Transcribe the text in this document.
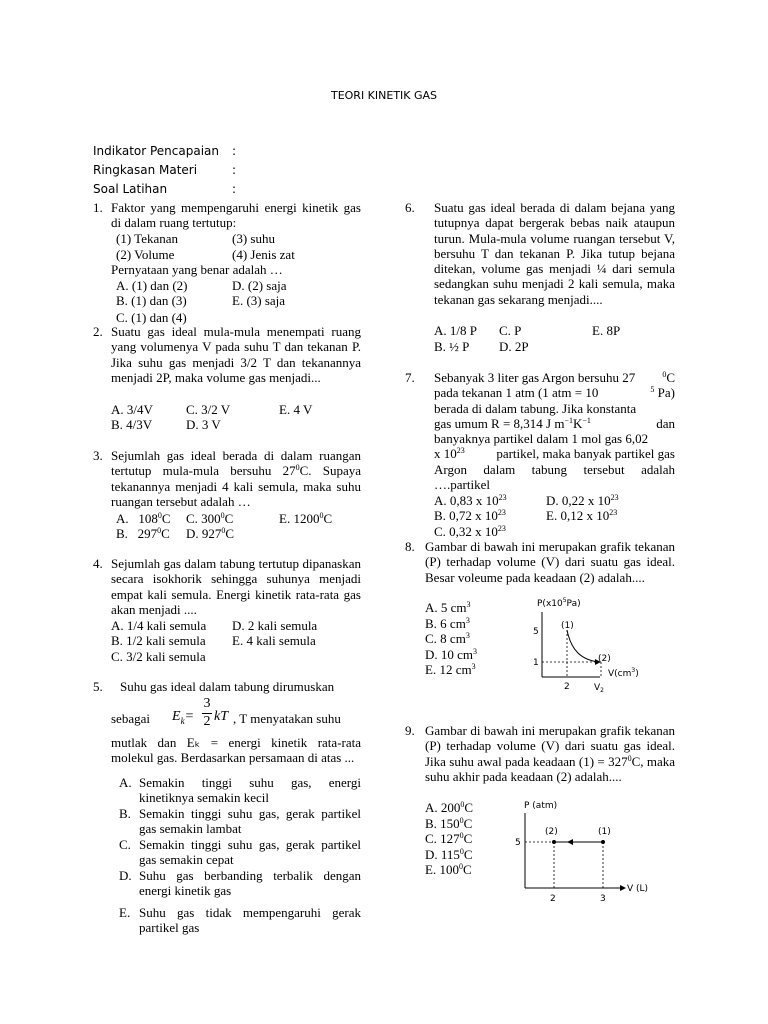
TEORI KINETIK GAS
Indikator Pencapaian :
Ringkasan Materi	:
Soal Latihan	:
1. Faktor yang mempengaruhi energi kinetik gas di dalam ruang tertutup:
(1) Tekanan	(3) suhu
(2) Volume	(4) Jenis zat
Pernyataan yang benar adalah …
A. (1) dan (2)	D. (2) saja
B. (1) dan (3)	E. (3) saja
C. (1) dan (4)
2. Suatu gas ideal mula-mula menempati ruang yang volumenya V pada suhu T dan tekanan P. Jika suhu gas menjadi 3/2 T dan tekanannya menjadi 2P, maka volume gas menjadi...
A. 3/4V	C. 3/2 V	E. 4 V
B. 4/3V	D. 3 V
3. Sejumlah gas ideal berada di dalam ruangan tertutup mula-mula bersuhu $27^0C$. Supaya tekanannya menjadi 4 kali semula, maka suhu ruangan tersebut adalah …
A. $108^0C$ C. $300^0C$	E. 1200$^0$C
B. $297^0C$ D. $927^0C$
4. Sejumlah gas dalam tabung tertutup dipanaskan secara isokhorik sehingga suhunya menjadi empat kali semula. Energi kinetik rata-rata gas akan menjadi ....
A. 1/4 kali semula D. 2 kali semula
B. 1/2 kali semula E. 4 kali semula
C. 3/2 kali semula
5. Suhu gas ideal dalam tabung dirumuskan
sebagai $E_k=$
3
2 kT , T menyatakan suhu
mutlak dan Eₖ = energi kinetik rata-rata molekul gas. Berdasarkan persamaan di atas ...
A. Semakin tinggi suhu gas, energi kinetiknya semakin kecil
B. Semakin tinggi suhu gas, gerak partikel gas semakin lambat
C. Semakin tinggi suhu gas, gerak partikel gas semakin cepat
D. Suhu gas berbanding terbalik dengan energi kinetik gas
E. Suhu gas tidak mempengaruhi gerak partikel gas
6. Suatu gas ideal berada di dalam bejana yang tutupnya dapat bergerak bebas naik ataupun turun. Mula-mula volume ruangan tersebut V, bersuhu T dan tekanan P. Jika tutup bejana ditekan, volume gas menjadi ¼ dari semula sedangkan suhu menjadi 2 kali semula, maka tekanan gas sekarang menjadi....
A. 1/8 P C. P	E. 8P
B. ½ P D. 2P
7. Sebanyak 3 liter gas Argon bersuhu 27	$^0$C
pada tekanan 1 atm (1 atm = 10	$^5$ Pa)
berada di dalam tabung. Jika konstanta
gas umum R = 8,314 J $m^{-1}K^{-1}$	dan
banyaknya partikel dalam 1 mol gas 6,02
x $10^{23}$ partikel, maka banyak partikel gas
Argon dalam tabung tersebut adalah
….partikel
A. 0,83 x $10^{23}$	D. 0,22 x $10^{23}$
B. 0,72 x $10^{23}$	E. 0,12 x $10^{23}$
C. 0,32 x $10^{23}$
8. Gambar di bawah ini merupakan grafik tekanan (P) terhadap volume (V) dari suatu gas ideal. Besar voleume pada keadaan (2) adalah....
A. 5 $cm^3$
B. 6 $cm^3$
C. 8 $cm^3$
D. 10 $cm^3$
E. 12 $cm^3$
$P(x10^5Pa)$
5
1
(1)
(2)
$V(cm^3)$
2	$V_2$
9. Gambar di bawah ini merupakan grafik tekanan (P) terhadap volume (V) dari suatu gas ideal. Jika suhu awal pada keadaan $(1) = 327^0C$, maka suhu akhir pada keadaan (2) adalah....
A. $200^0C$
B. $150^0C$
C. $127^0C$
D. $115^0C$
E. $100^0C$
P (atm)
V (L)
5
(2)	(1)
2	3
